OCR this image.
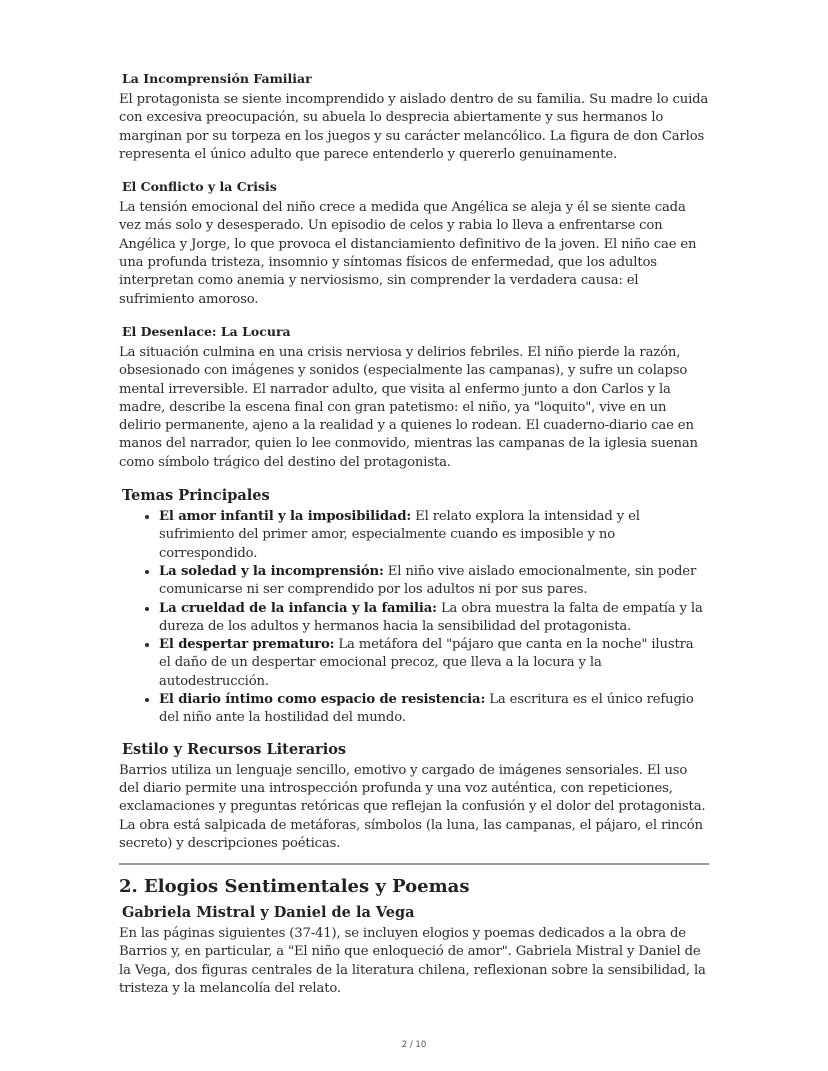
La Incomprensión Familiar

El protagonista se siente incomprendido y aislado dentro de su familia. Su madre lo cuida con excesiva preocupación, su abuela lo desprecia abiertamente y sus hermanos lo marginan por su torpeza en los juegos y su carácter melancólico. La figura de don Carlos representa el único adulto que parece entenderlo y quererlo genuinamente.

El Conflicto y la Crisis

La tensión emocional del niño crece a medida que Angélica se aleja y él se siente cada vez más solo y desesperado. Un episodio de celos y rabia lo lleva a enfrentarse con Angélica y Jorge, lo que provoca el distanciamiento definitivo de la joven. El niño cae en una profunda tristeza, insomnio y síntomas físicos de enfermedad, que los adultos interpretan como anemia y nerviosismo, sin comprender la verdadera causa: el sufrimiento amoroso.

El Desenlace: La Locura

La situación culmina en una crisis nerviosa y delirios febriles. El niño pierde la razón, obsesionado con imágenes y sonidos (especialmente las campanas), y sufre un colapso mental irreversible. El narrador adulto, que visita al enfermo junto a don Carlos y la madre, describe la escena final con gran patetismo: el niño, ya "loquito", vive en un delirio permanente, ajeno a la realidad y a quienes lo rodean. El cuaderno-diario cae en manos del narrador, quien lo lee conmovido, mientras las campanas de la iglesia suenan como símbolo trágico del destino del protagonista.

Temas Principales
• El amor infantil y la imposibilidad: El relato explora la intensidad y el sufrimiento del primer amor, especialmente cuando es imposible y no correspondido.
• La soledad y la incomprensión: El niño vive aislado emocionalmente, sin poder comunicarse ni ser comprendido por los adultos ni por sus pares.
• La crueldad de la infancia y la familia: La obra muestra la falta de empatía y la dureza de los adultos y hermanos hacia la sensibilidad del protagonista.
• El despertar prematuro: La metáfora del "pájaro que canta en la noche" ilustra el daño de un despertar emocional precoz, que lleva a la locura y la autodestrucción.
• El diario íntimo como espacio de resistencia: La escritura es el único refugio del niño ante la hostilidad del mundo.
Estilo y Recursos Literarios

Barrios utiliza un lenguaje sencillo, emotivo y cargado de imágenes sensoriales. El uso del diario permite una introspección profunda y una voz auténtica, con repeticiones, exclamaciones y preguntas retóricas que reflejan la confusión y el dolor del protagonista. La obra está salpicada de metáforas, símbolos (la luna, las campanas, el pájaro, el rincón secreto) y descripciones poéticas.

2. Elogios Sentimentales y Poemas
Gabriela Mistral y Daniel de la Vega

En las páginas siguientes (37-41), se incluyen elogios y poemas dedicados a la obra de Barrios y, en particular, a "El niño que enloqueció de amor". Gabriela Mistral y Daniel de la Vega, dos figuras centrales de la literatura chilena, reflexionan sobre la sensibilidad, la tristeza y la melancolía del relato.

2 / 10
